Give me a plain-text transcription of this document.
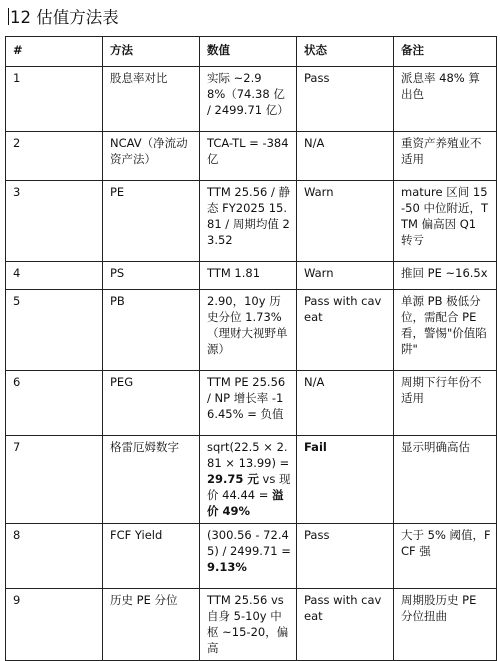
12 估值方法表
#	方法	数值	状态	备注
1	股息率对比	实际 ~2.98%（74.38 亿 / 2499.71 亿）	Pass	派息率 48% 算出色
2	NCAV（净流动资产法）	TCA-TL = -384 亿	N/A	重资产养殖业不适用
3	PE	TTM 25.56 / 静态 FY2025 15.81 / 周期均值 23.52	Warn	mature 区间 15-50 中位附近，TTM 偏高因 Q1 转亏
4	PS	TTM 1.81	Warn	推回 PE ~16.5x
5	PB	2.90，10y 历史分位 1.73%（理财大视野单源）	Pass with caveat	单源 PB 极低分位，需配合 PE 看，警惕"价值陷阱"
6	PEG	TTM PE 25.56 / NP 增长率 -16.45% = 负值	N/A	周期下行年份不适用
7	格雷厄姆数字	sqrt(22.5 × 2.81 × 13.99) = 29.75 元 vs 现价 44.44 = 溢价 49%	Fail	显示明确高估
8	FCF Yield	(300.56 - 72.45) / 2499.71 = 9.13%	Pass	大于 5% 阈值，FCF 强
9	历史 PE 分位	TTM 25.56 vs 自身 5-10y 中枢 ~15-20，偏高	Pass with caveat	周期股历史 PE 分位扭曲
